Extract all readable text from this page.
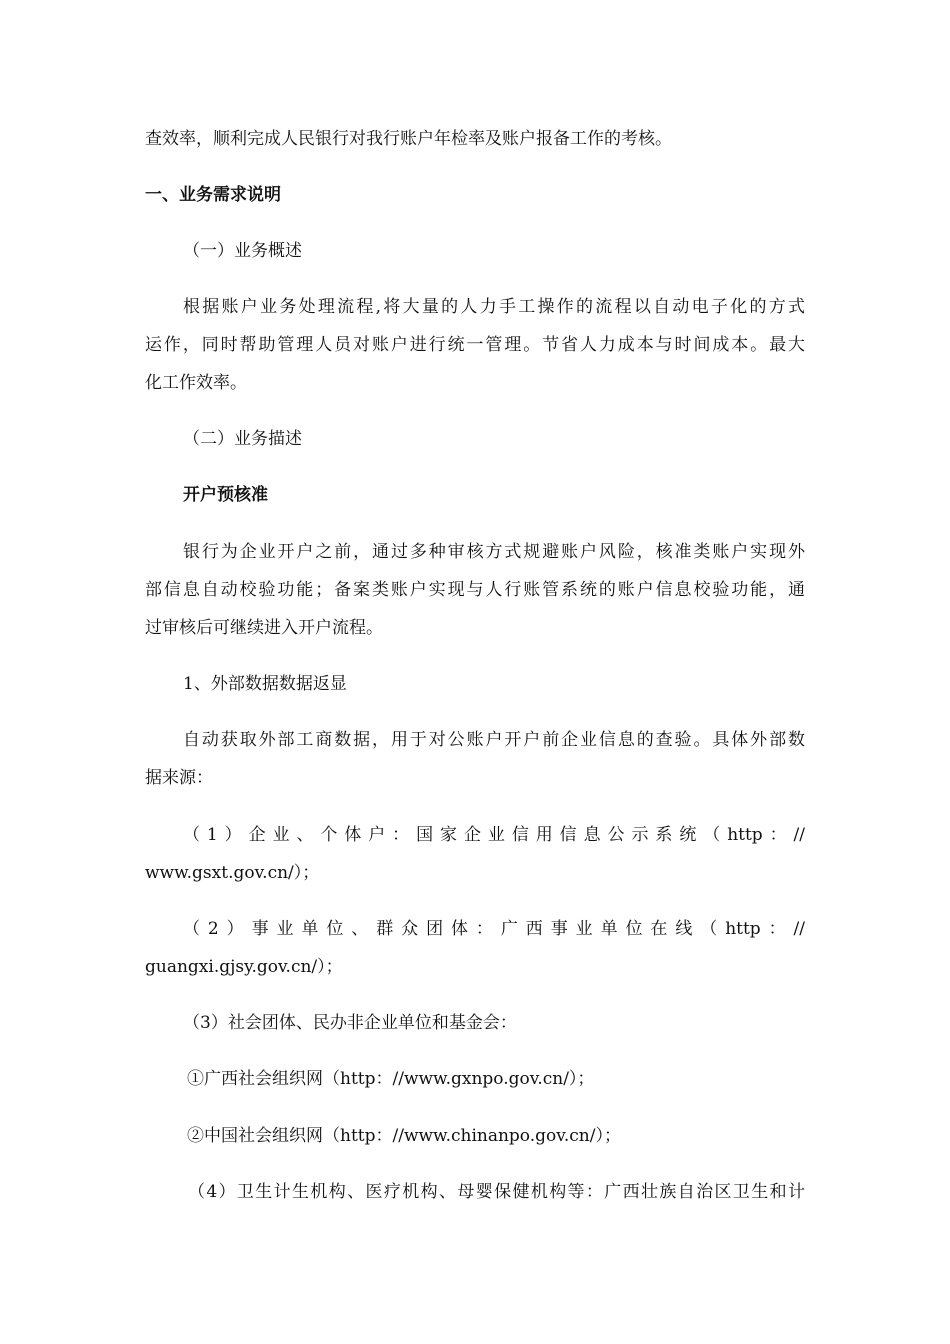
查效率，顺利完成人民银行对我行账户年检率及账户报备工作的考核。
一、业务需求说明
（一）业务概述
根据账户业务处理流程,将大量的人力手工操作的流程以自动电子化的方式
运作，同时帮助管理人员对账户进行统一管理。节省人力成本与时间成本。最大
化工作效率。
（二）业务描述
开户预核准
银行为企业开户之前，通过多种审核方式规避账户风险，核准类账户实现外
部信息自动校验功能；备案类账户实现与人行账管系统的账户信息校验功能，通
过审核后可继续进入开户流程。
1、外部数据数据返显
自动获取外部工商数据，用于对公账户开户前企业信息的查验。具体外部数
据来源：
（1）企业、个体户：国家企业信用信息公示系统（http：//
www.gsxt.gov.cn/）；
（2）事业单位、群众团体：广西事业单位在线（http：//
guangxi.gjsy.gov.cn/）；
（3）社会团体、民办非企业单位和基金会：
①广西社会组织网（http：//www.gxnpo.gov.cn/）；
②中国社会组织网（http：//www.chinanpo.gov.cn/）；
（4）卫生计生机构、医疗机构、母婴保健机构等：广西壮族自治区卫生和计
